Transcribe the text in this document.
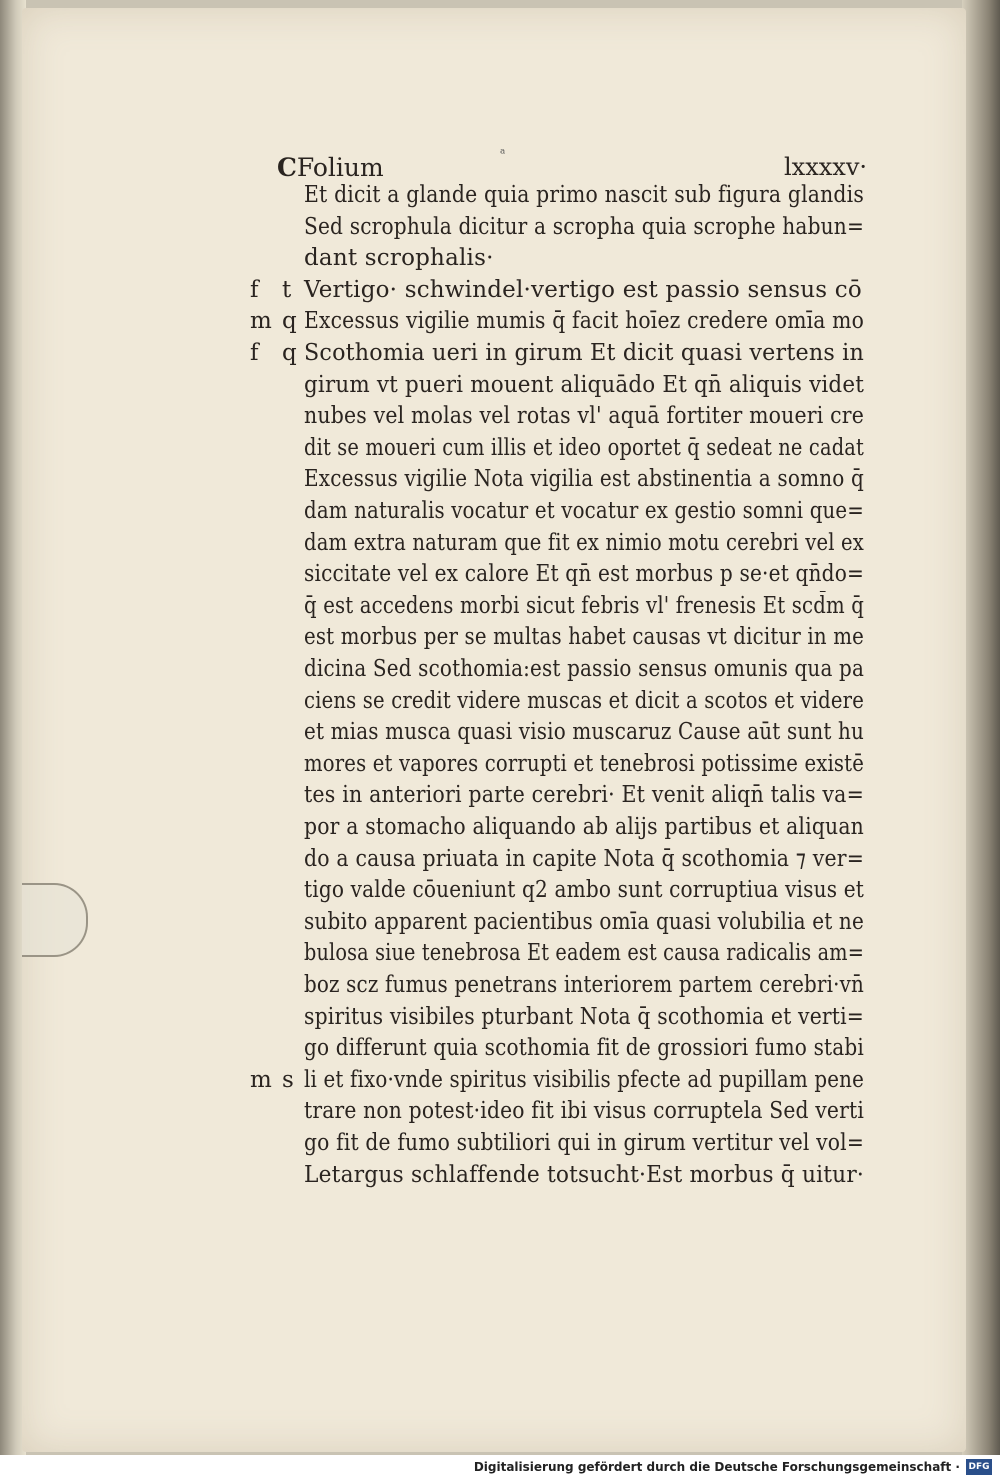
CFolium	ᵃ	lxxxxv·
Et dicit a glande quia primo nascit sub figura glandis
Sed scrophula dicitur a scropha quia scrophe habun=
dant scrophalis·
Vertigo· schwindel·vertigo est passio sensus cō
Excessus vigilie mumis q̄ facit hoīez credere omīa mo
Scothomia ueri in girum Et dicit quasi vertens in
girum vt pueri mouent aliquādo Et qn̄ aliquis videt
nubes vel molas vel rotas vl' aquā fortiter moueri cre
dit se moueri cum illis et ideo oportet q̄ sedeat ne cadat
Excessus vigilie Nota vigilia est abstinentia a somno q̄
dam naturalis vocatur et vocatur ex gestio somni que=
dam extra naturam que fit ex nimio motu cerebri vel ex
siccitate vel ex calore Et qn̄ est morbus p se·et qn̄do=
q̄ est accedens morbi sicut febris vl' frenesis Et scd̄m q̄
est morbus per se multas habet causas vt dicitur in me
dicina Sed scothomia:est passio sensus omunis qua pa
ciens se credit videre muscas et dicit a scotos et videre
et mias musca quasi visio muscaruz Cause aūt sunt hu
mores et vapores corrupti et tenebrosi potissime existē
tes in anteriori parte cerebri· Et venit aliqn̄ talis va=
por a stomacho aliquando ab alijs partibus et aliquan
do a causa priuata in capite Nota q̄ scothomia ⁊ ver=
tigo valde cōueniunt q2 ambo sunt corruptiua visus et
subito apparent pacientibus omīa quasi volubilia et ne
bulosa siue tenebrosa Et eadem est causa radicalis am=
boz scz fumus penetrans interiorem partem cerebri·vn̄
spiritus visibiles pturbant Nota q̄ scothomia et verti=
go differunt quia scothomia fit de grossiori fumo stabi
li et fixo·vnde spiritus visibilis pfecte ad pupillam pene
trare non potest·ideo fit ibi visus corruptela Sed verti
go fit de fumo subtiliori qui in girum vertitur vel vol=
Letargus schlaffende totsucht·Est morbus q̄ uitur·
f t
m q
f q
m s
Digitalisierung gefördert durch die Deutsche Forschungsgemeinschaft · DFG
